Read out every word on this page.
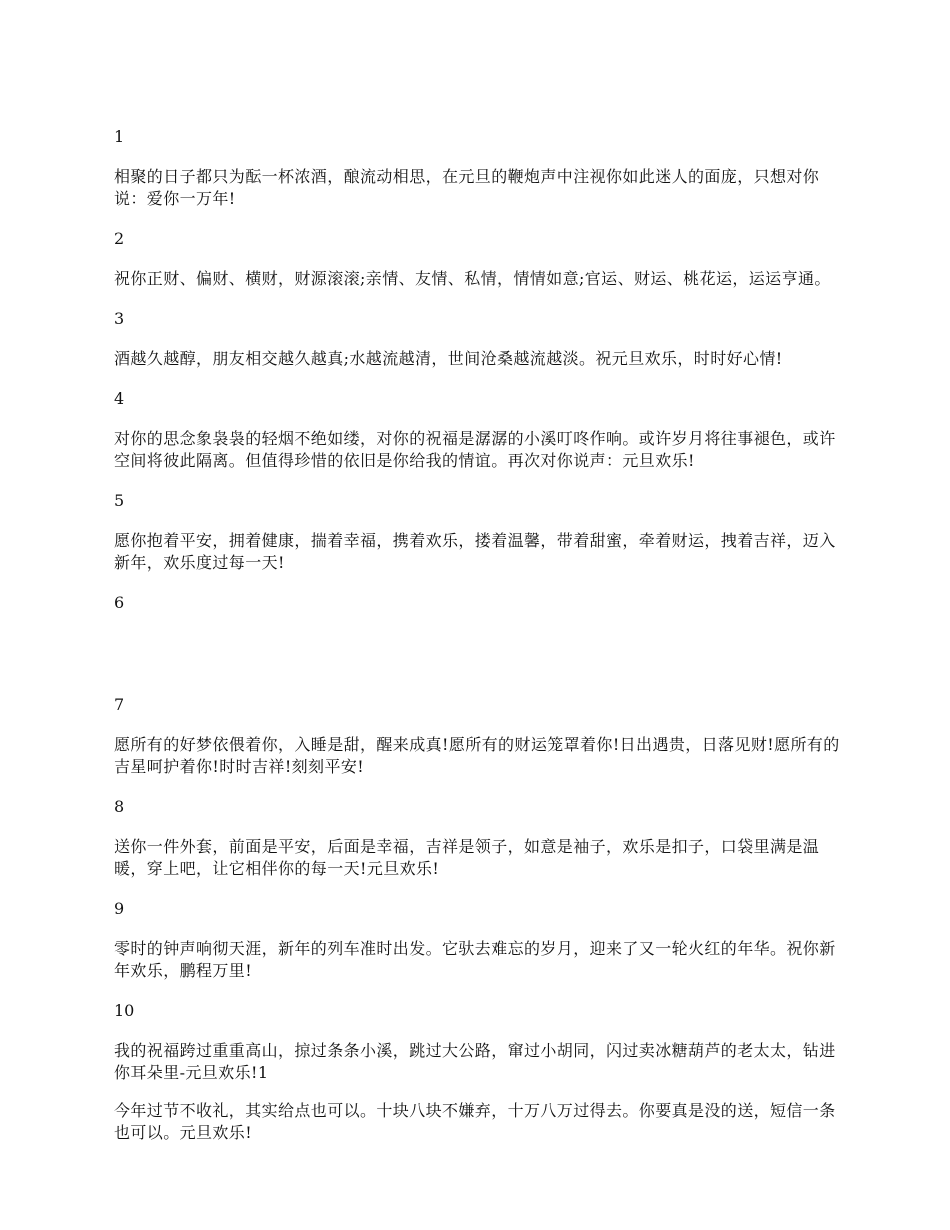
1

相聚的日子都只为酝一杯浓酒，酿流动相思，在元旦的鞭炮声中注视你如此迷人的面庞，只想对你说：爱你一万年!

2

祝你正财、偏财、横财，财源滚滚;亲情、友情、私情，情情如意;官运、财运、桃花运，运运亨通。

3

酒越久越醇，朋友相交越久越真;水越流越清，世间沧桑越流越淡。祝元旦欢乐，时时好心情!

4

对你的思念象袅袅的轻烟不绝如缕，对你的祝福是潺潺的小溪叮咚作响。或许岁月将往事褪色，或许空间将彼此隔离。但值得珍惜的依旧是你给我的情谊。再次对你说声：元旦欢乐!

5

愿你抱着平安，拥着健康，揣着幸福，携着欢乐，搂着温馨，带着甜蜜，牵着财运，拽着吉祥，迈入新年，欢乐度过每一天!

6

7

愿所有的好梦依偎着你，入睡是甜，醒来成真!愿所有的财运笼罩着你!日出遇贵，日落见财!愿所有的吉星呵护着你!时时吉祥!刻刻平安!

8

送你一件外套，前面是平安，后面是幸福，吉祥是领子，如意是袖子，欢乐是扣子，口袋里满是温暖，穿上吧，让它相伴你的每一天!元旦欢乐!

9

零时的钟声响彻天涯，新年的列车准时出发。它驮去难忘的岁月，迎来了又一轮火红的年华。祝你新年欢乐，鹏程万里!

10

我的祝福跨过重重高山，掠过条条小溪，跳过大公路，窜过小胡同，闪过卖冰糖葫芦的老太太，钻进你耳朵里-元旦欢乐!1

今年过节不收礼，其实给点也可以。十块八块不嫌弃，十万八万过得去。你要真是没的送，短信一条也可以。元旦欢乐!
